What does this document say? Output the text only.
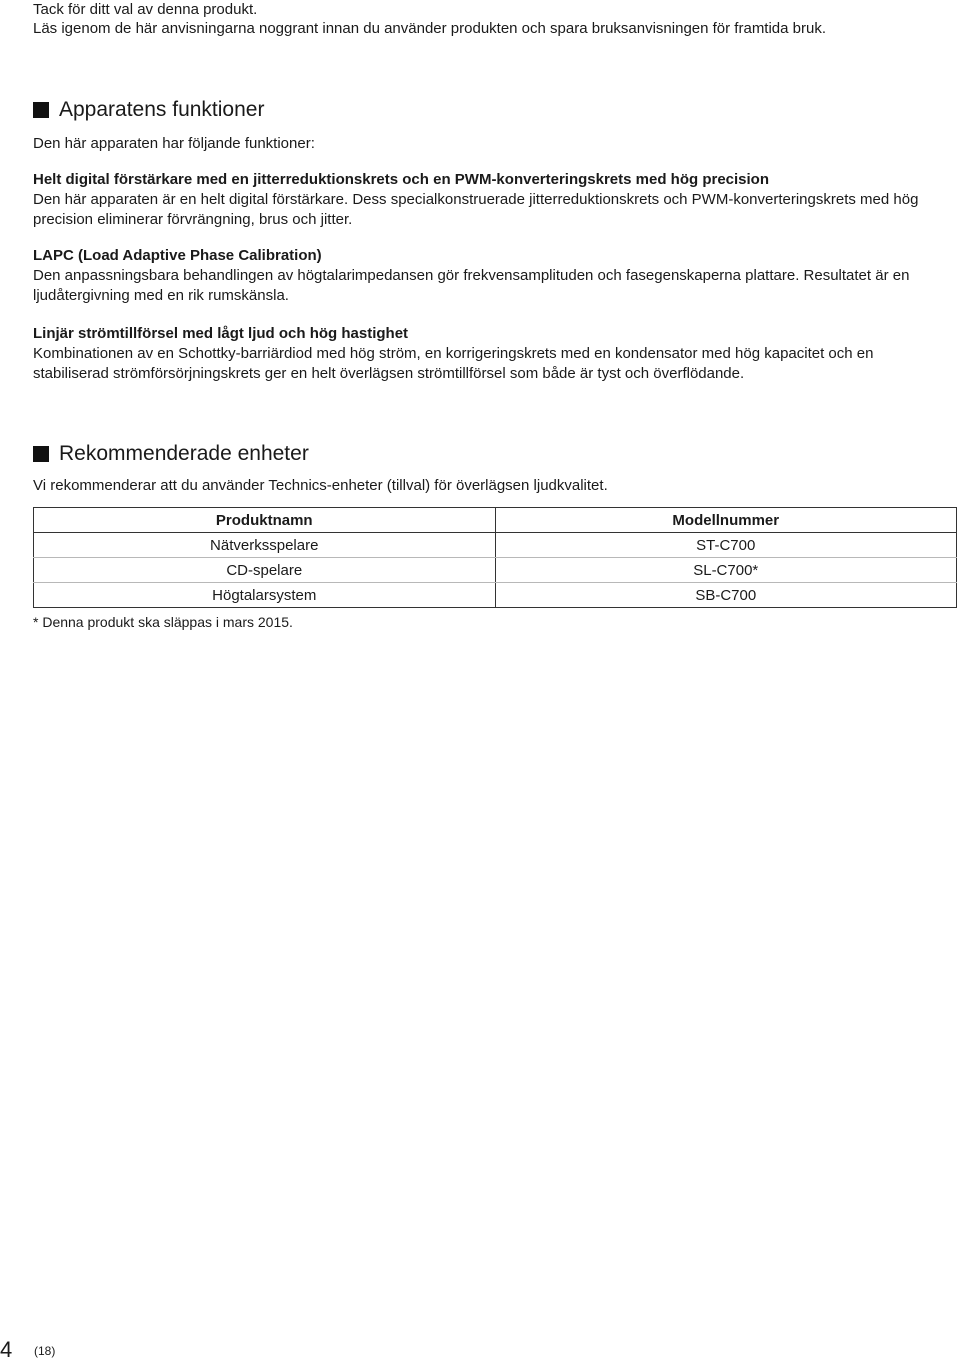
Tack för ditt val av denna produkt.

Läs igenom de här anvisningarna noggrant innan du använder produkten och spara bruksanvisningen för framtida bruk.

Apparatens funktioner
Den här apparaten har följande funktioner:

Helt digital förstärkare med en jitterreduktionskrets och en PWM-konverteringskrets med hög precision

Den här apparaten är en helt digital förstärkare. Dess specialkonstruerade jitterreduktionskrets och PWM-konverteringskrets med hög precision eliminerar förvrängning, brus och jitter.

LAPC (Load Adaptive Phase Calibration)

Den anpassningsbara behandlingen av högtalarimpedansen gör frekvensamplituden och fasegenskaperna plattare. Resultatet är en ljudåtergivning med en rik rumskänsla.

Linjär strömtillförsel med lågt ljud och hög hastighet

Kombinationen av en Schottky-barriärdiod med hög ström, en korrigeringskrets med en kondensator med hög kapacitet och en stabiliserad strömförsörjningskrets ger en helt överlägsen strömtillförsel som både är tyst och överflödande.

Rekommenderade enheter
Vi rekommenderar att du använder Technics-enheter (tillval) för överlägsen ljudkvalitet.
Produktnamn	Modellnummer
Nätverksspelare	ST-C700
CD-spelare	SL-C700*
Högtalarsystem	SB-C700
* Denna produkt ska släppas i mars 2015.
4 (18)
